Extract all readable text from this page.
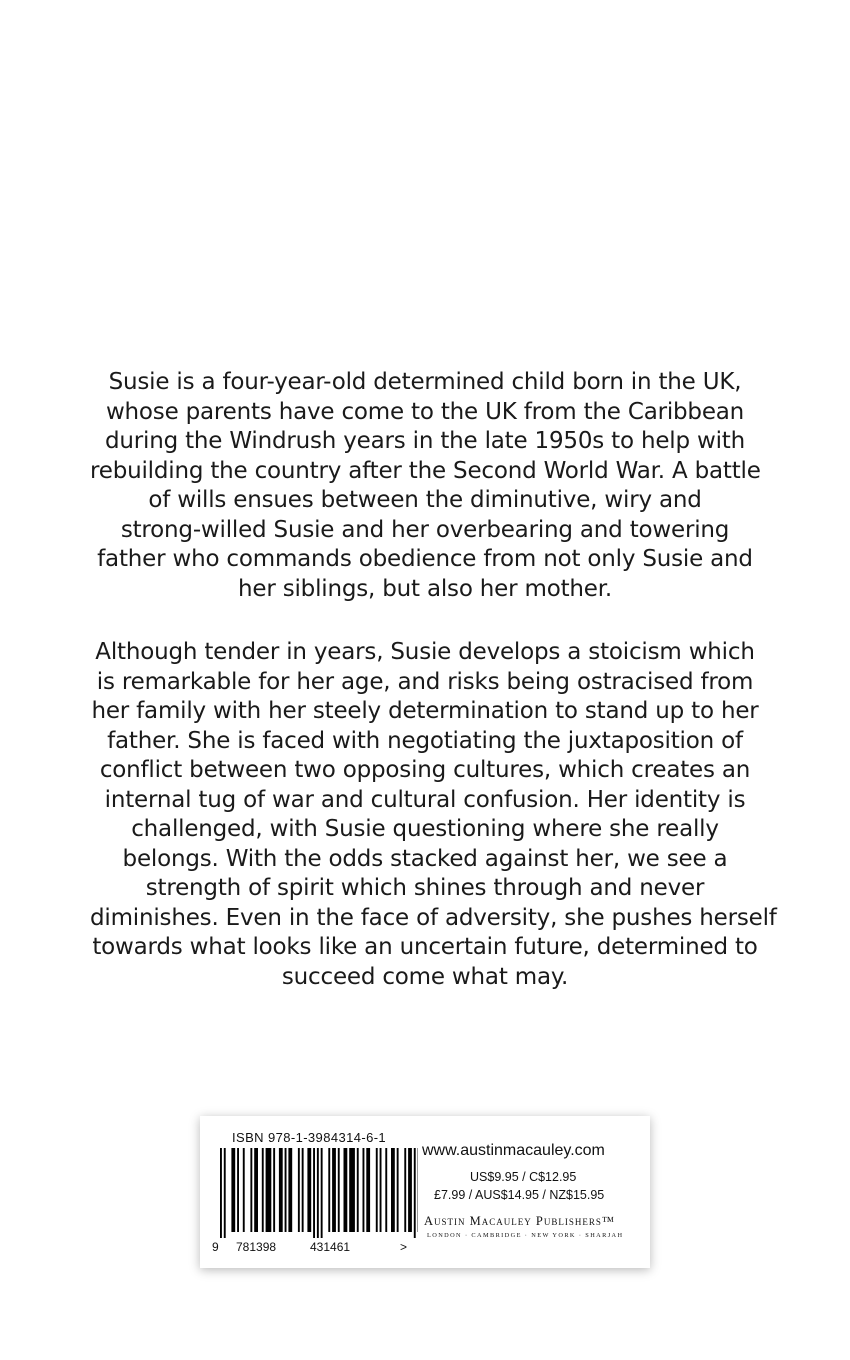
Susie is a four-year-old determined child born in the UK,
whose parents have come to the UK from the Caribbean
during the Windrush years in the late 1950s to help with
rebuilding the country after the Second World War. A battle
of wills ensues between the diminutive, wiry and
strong-willed Susie and her overbearing and towering
father who commands obedience from not only Susie and
her siblings, but also her mother.
Although tender in years, Susie develops a stoicism which
is remarkable for her age, and risks being ostracised from
her family with her steely determination to stand up to her
father. She is faced with negotiating the juxtaposition of
conflict between two opposing cultures, which creates an
internal tug of war and cultural confusion. Her identity is
challenged, with Susie questioning where she really
belongs. With the odds stacked against her, we see a
strength of spirit which shines through and never
diminishes. Even in the face of adversity, she pushes herself
towards what looks like an uncertain future, determined to
succeed come what may.
ISBN 978-1-3984314-6-1
9 781398	431461	>
www.austinmacauley.com
US$9.95 / C$12.95
£7.99 / AUS$14.95 / NZ$15.95
Austin Macauley Publishers™
LONDON · CAMBRIDGE · NEW YORK · SHARJAH
